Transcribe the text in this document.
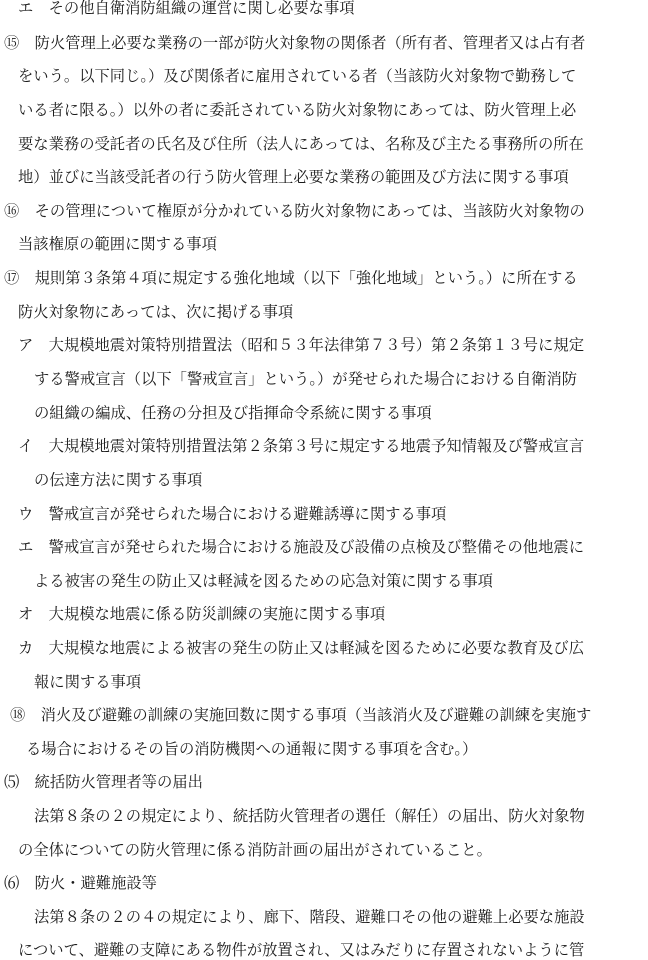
エ　その他自衛消防組織の運営に関し必要な事項
⑮　防火管理上必要な業務の一部が防火対象物の関係者（所有者、管理者又は占有者
をいう。以下同じ。）及び関係者に雇用されている者（当該防火対象物で勤務して
いる者に限る。）以外の者に委託されている防火対象物にあっては、防火管理上必
要な業務の受託者の氏名及び住所（法人にあっては、名称及び主たる事務所の所在
地）並びに当該受託者の行う防火管理上必要な業務の範囲及び方法に関する事項
⑯　その管理について権原が分かれている防火対象物にあっては、当該防火対象物の
当該権原の範囲に関する事項
⑰　規則第３条第４項に規定する強化地域（以下「強化地域」という。）に所在する
防火対象物にあっては、次に掲げる事項
ア　大規模地震対策特別措置法（昭和５３年法律第７３号）第２条第１３号に規定
する警戒宣言（以下「警戒宣言」という。）が発せられた場合における自衛消防
の組織の編成、任務の分担及び指揮命令系統に関する事項
イ　大規模地震対策特別措置法第２条第３号に規定する地震予知情報及び警戒宣言
の伝達方法に関する事項
ウ　警戒宣言が発せられた場合における避難誘導に関する事項
エ　警戒宣言が発せられた場合における施設及び設備の点検及び整備その他地震に
よる被害の発生の防止又は軽減を図るための応急対策に関する事項
オ　大規模な地震に係る防災訓練の実施に関する事項
カ　大規模な地震による被害の発生の防止又は軽減を図るために必要な教育及び広
報に関する事項
⑱　消火及び避難の訓練の実施回数に関する事項（当該消火及び避難の訓練を実施す
る場合におけるその旨の消防機関への通報に関する事項を含む。）
⑸　統括防火管理者等の届出
法第８条の２の規定により、統括防火管理者の選任（解任）の届出、防火対象物
の全体についての防火管理に係る消防計画の届出がされていること。
⑹　防火・避難施設等
法第８条の２の４の規定により、廊下、階段、避難口その他の避難上必要な施設
について、避難の支障にある物件が放置され、又はみだりに存置されないように管
